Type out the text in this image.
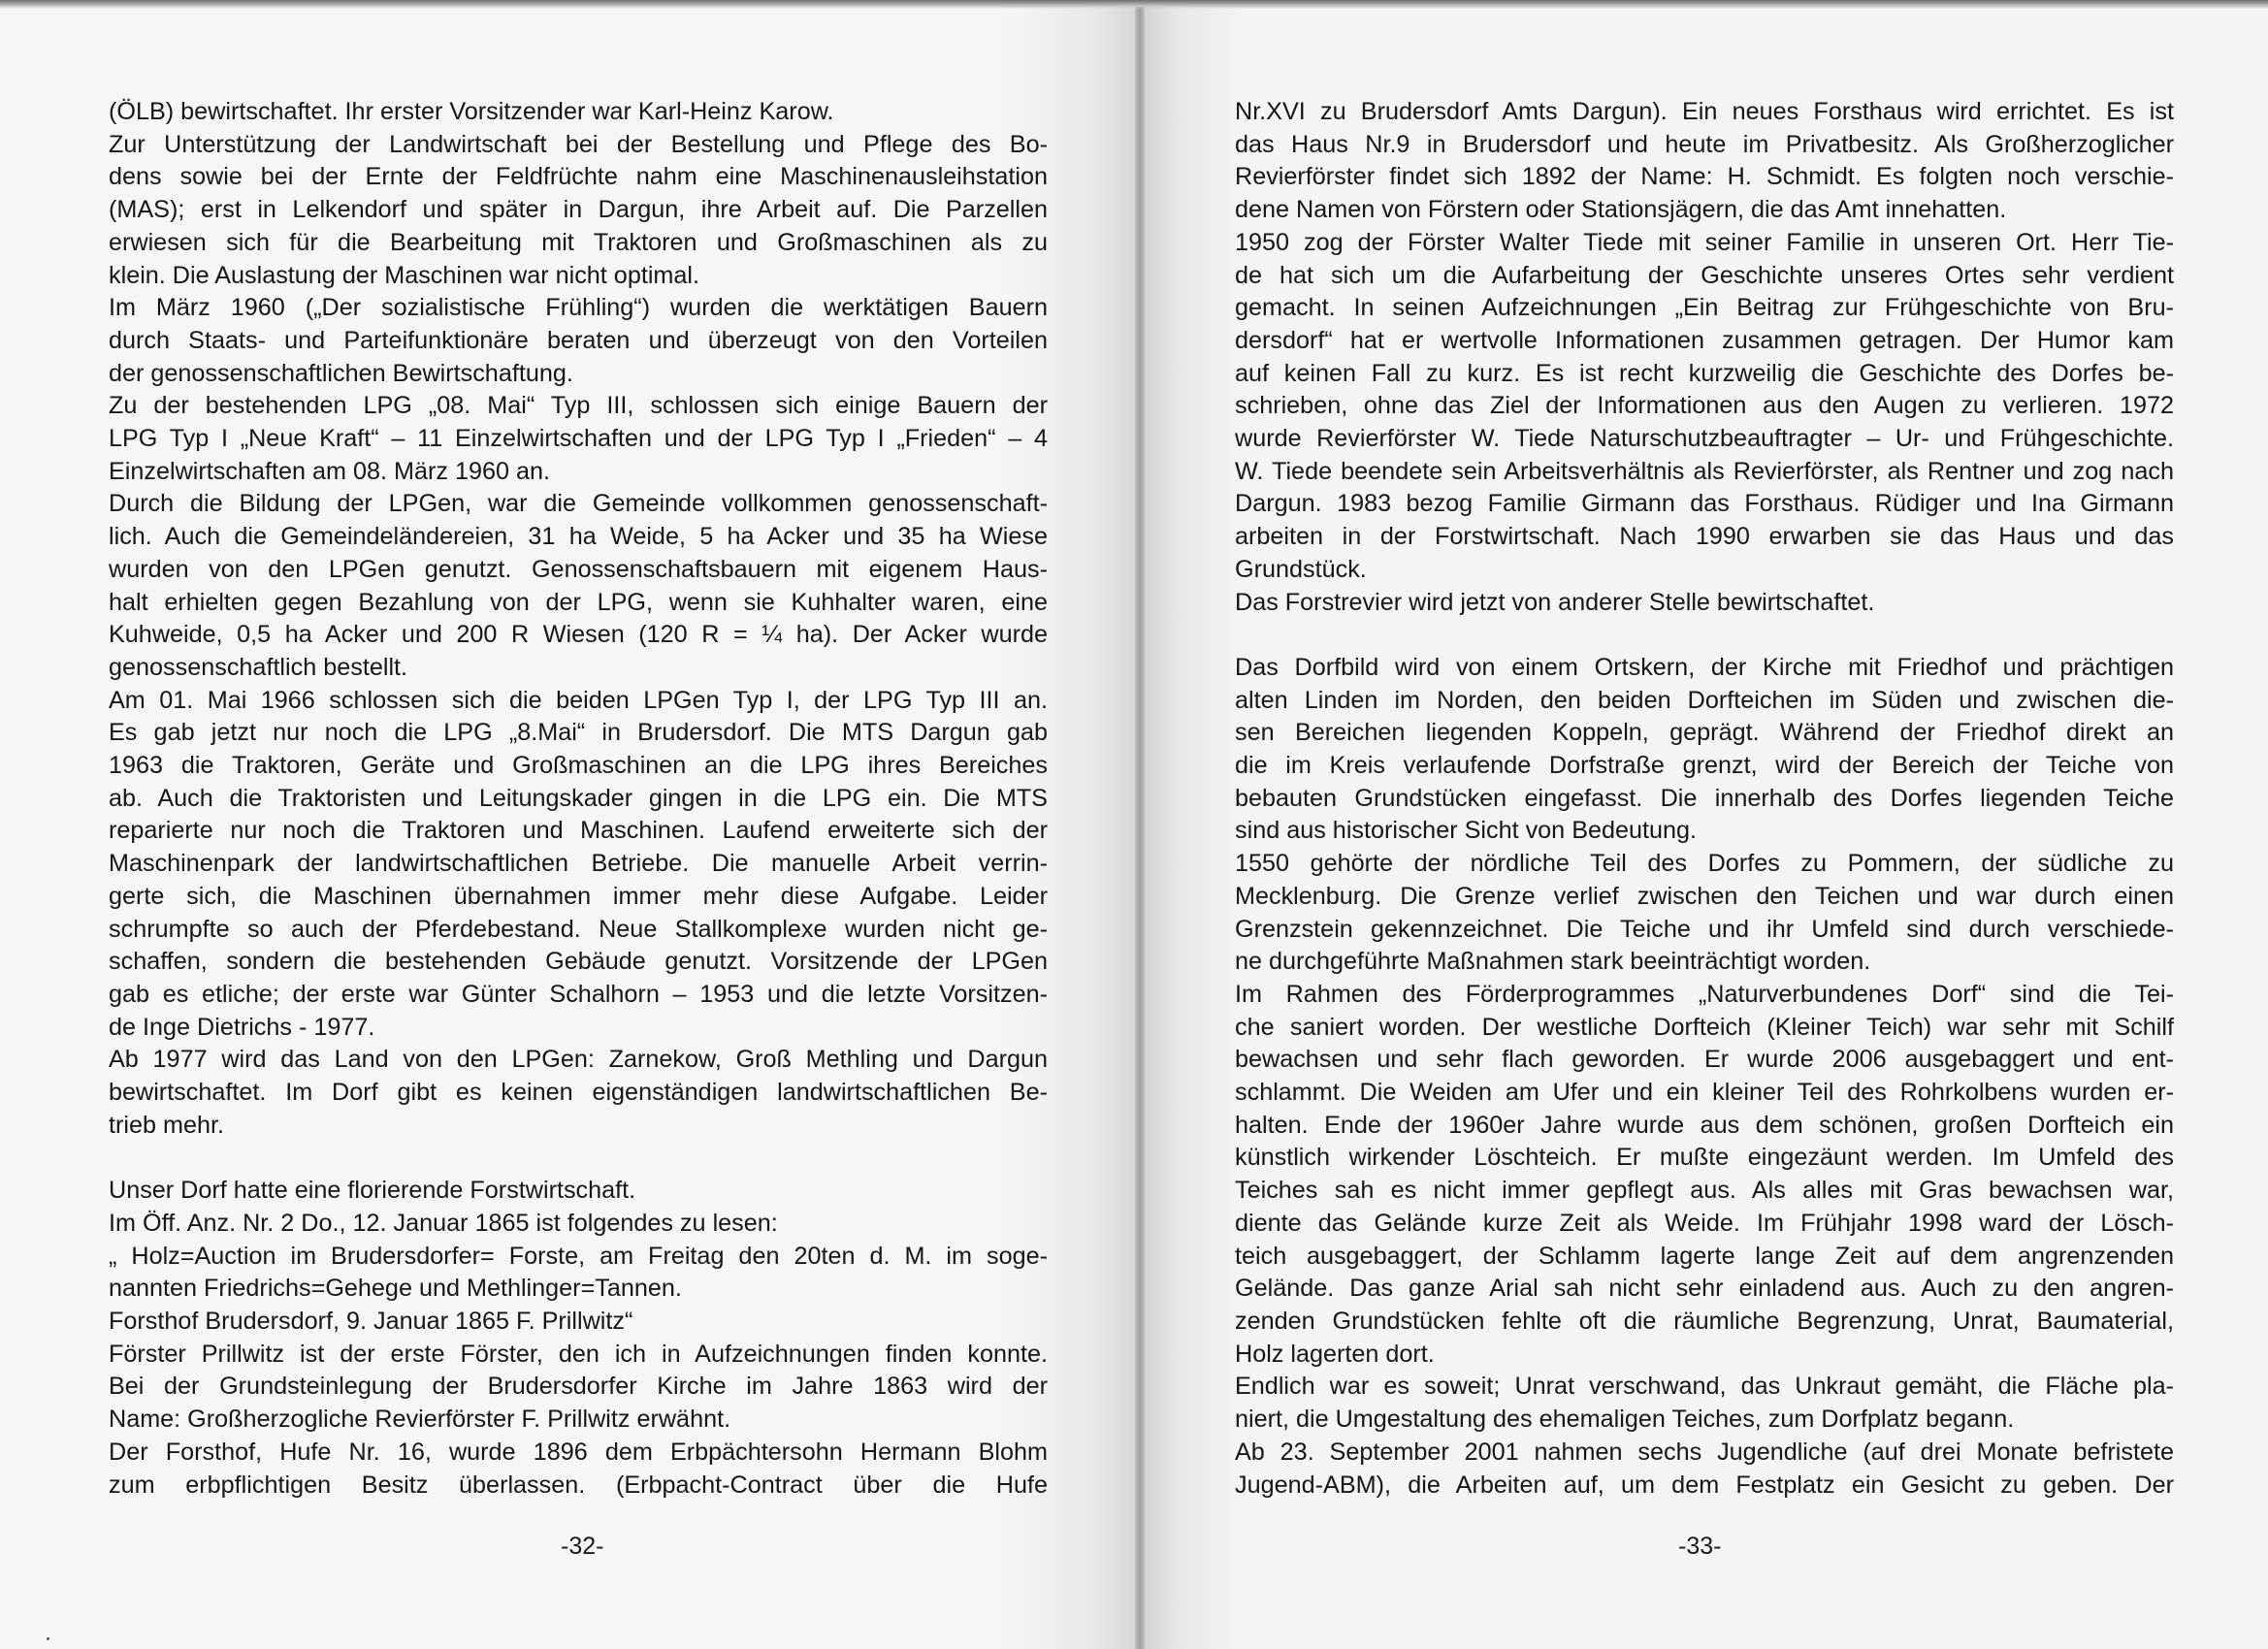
(ÖLB) bewirtschaftet. Ihr erster Vorsitzender war Karl-Heinz Karow.

Zur Unterstützung der Landwirtschaft bei der Bestellung und Pflege des Bo-

dens sowie bei der Ernte der Feldfrüchte nahm eine Maschinenausleihstation

(MAS); erst in Lelkendorf und später in Dargun, ihre Arbeit auf. Die Parzellen

erwiesen sich für die Bearbeitung mit Traktoren und Großmaschinen als zu

klein. Die Auslastung der Maschinen war nicht optimal.

Im März 1960 („Der sozialistische Frühling“) wurden die werktätigen Bauern

durch Staats- und Parteifunktionäre beraten und überzeugt von den Vorteilen

der genossenschaftlichen Bewirtschaftung.

Zu der bestehenden LPG „08. Mai“ Typ III, schlossen sich einige Bauern der

LPG Typ I „Neue Kraft“ – 11 Einzelwirtschaften und der LPG Typ I „Frieden“ – 4

Einzelwirtschaften am 08. März 1960 an.

Durch die Bildung der LPGen, war die Gemeinde vollkommen genossenschaft-

lich. Auch die Gemeindeländereien, 31 ha Weide, 5 ha Acker und 35 ha Wiese

wurden von den LPGen genutzt. Genossenschaftsbauern mit eigenem Haus-

halt erhielten gegen Bezahlung von der LPG, wenn sie Kuhhalter waren, eine

Kuhweide, 0,5 ha Acker und 200 R Wiesen (120 R = ¼ ha). Der Acker wurde

genossenschaftlich bestellt.

Am 01. Mai 1966 schlossen sich die beiden LPGen Typ I, der LPG Typ III an.

Es gab jetzt nur noch die LPG „8.Mai“ in Brudersdorf. Die MTS Dargun gab

1963 die Traktoren, Geräte und Großmaschinen an die LPG ihres Bereiches

ab. Auch die Traktoristen und Leitungskader gingen in die LPG ein. Die MTS

reparierte nur noch die Traktoren und Maschinen. Laufend erweiterte sich der

Maschinenpark der landwirtschaftlichen Betriebe. Die manuelle Arbeit verrin-

gerte sich, die Maschinen übernahmen immer mehr diese Aufgabe. Leider

schrumpfte so auch der Pferdebestand. Neue Stallkomplexe wurden nicht ge-

schaffen, sondern die bestehenden Gebäude genutzt. Vorsitzende der LPGen

gab es etliche; der erste war Günter Schalhorn – 1953 und die letzte Vorsitzen-

de Inge Dietrichs - 1977.

Ab 1977 wird das Land von den LPGen: Zarnekow, Groß Methling und Dargun

bewirtschaftet. Im Dorf gibt es keinen eigenständigen landwirtschaftlichen Be-

trieb mehr.

Unser Dorf hatte eine florierende Forstwirtschaft.

Im Öff. Anz. Nr. 2 Do., 12. Januar 1865 ist folgendes zu lesen:

„ Holz=Auction im Brudersdorfer= Forste, am Freitag den 20ten d. M. im soge-

nannten Friedrichs=Gehege und Methlinger=Tannen.

Forsthof Brudersdorf, 9. Januar 1865 F. Prillwitz“

Förster Prillwitz ist der erste Förster, den ich in Aufzeichnungen finden konnte.

Bei der Grundsteinlegung der Brudersdorfer Kirche im Jahre 1863 wird der

Name: Großherzogliche Revierförster F. Prillwitz erwähnt.

Der Forsthof, Hufe Nr. 16, wurde 1896 dem Erbpächtersohn Hermann Blohm

zum erbpflichtigen Besitz überlassen. (Erbpacht-Contract über die Hufe

-32-

Nr.XVI zu Brudersdorf Amts Dargun). Ein neues Forsthaus wird errichtet. Es ist

das Haus Nr.9 in Brudersdorf und heute im Privatbesitz. Als Großherzoglicher

Revierförster findet sich 1892 der Name: H. Schmidt. Es folgten noch verschie-

dene Namen von Förstern oder Stationsjägern, die das Amt innehatten.

1950 zog der Förster Walter Tiede mit seiner Familie in unseren Ort. Herr Tie-

de hat sich um die Aufarbeitung der Geschichte unseres Ortes sehr verdient

gemacht. In seinen Aufzeichnungen „Ein Beitrag zur Frühgeschichte von Bru-

dersdorf“ hat er wertvolle Informationen zusammen getragen. Der Humor kam

auf keinen Fall zu kurz. Es ist recht kurzweilig die Geschichte des Dorfes be-

schrieben, ohne das Ziel der Informationen aus den Augen zu verlieren. 1972

wurde Revierförster W. Tiede Naturschutzbeauftragter – Ur- und Frühgeschichte.

W. Tiede beendete sein Arbeitsverhältnis als Revierförster, als Rentner und zog nach

Dargun. 1983 bezog Familie Girmann das Forsthaus. Rüdiger und Ina Girmann

arbeiten in der Forstwirtschaft. Nach 1990 erwarben sie das Haus und das

Grundstück.

Das Forstrevier wird jetzt von anderer Stelle bewirtschaftet.

Das Dorfbild wird von einem Ortskern, der Kirche mit Friedhof und prächtigen

alten Linden im Norden, den beiden Dorfteichen im Süden und zwischen die-

sen Bereichen liegenden Koppeln, geprägt. Während der Friedhof direkt an

die im Kreis verlaufende Dorfstraße grenzt, wird der Bereich der Teiche von

bebauten Grundstücken eingefasst. Die innerhalb des Dorfes liegenden Teiche

sind aus historischer Sicht von Bedeutung.

1550 gehörte der nördliche Teil des Dorfes zu Pommern, der südliche zu

Mecklenburg. Die Grenze verlief zwischen den Teichen und war durch einen

Grenzstein gekennzeichnet. Die Teiche und ihr Umfeld sind durch verschiede-

ne durchgeführte Maßnahmen stark beeinträchtigt worden.

Im Rahmen des Förderprogrammes „Naturverbundenes Dorf“ sind die Tei-

che saniert worden. Der westliche Dorfteich (Kleiner Teich) war sehr mit Schilf

bewachsen und sehr flach geworden. Er wurde 2006 ausgebaggert und ent-

schlammt. Die Weiden am Ufer und ein kleiner Teil des Rohrkolbens wurden er-

halten. Ende der 1960er Jahre wurde aus dem schönen, großen Dorfteich ein

künstlich wirkender Löschteich. Er mußte eingezäunt werden. Im Umfeld des

Teiches sah es nicht immer gepflegt aus. Als alles mit Gras bewachsen war,

diente das Gelände kurze Zeit als Weide. Im Frühjahr 1998 ward der Lösch-

teich ausgebaggert, der Schlamm lagerte lange Zeit auf dem angrenzenden

Gelände. Das ganze Arial sah nicht sehr einladend aus. Auch zu den angren-

zenden Grundstücken fehlte oft die räumliche Begrenzung, Unrat, Baumaterial,

Holz lagerten dort.

Endlich war es soweit; Unrat verschwand, das Unkraut gemäht, die Fläche pla-

niert, die Umgestaltung des ehemaligen Teiches, zum Dorfplatz begann.

Ab 23. September 2001 nahmen sechs Jugendliche (auf drei Monate befristete

Jugend-ABM), die Arbeiten auf, um dem Festplatz ein Gesicht zu geben. Der

-33-
